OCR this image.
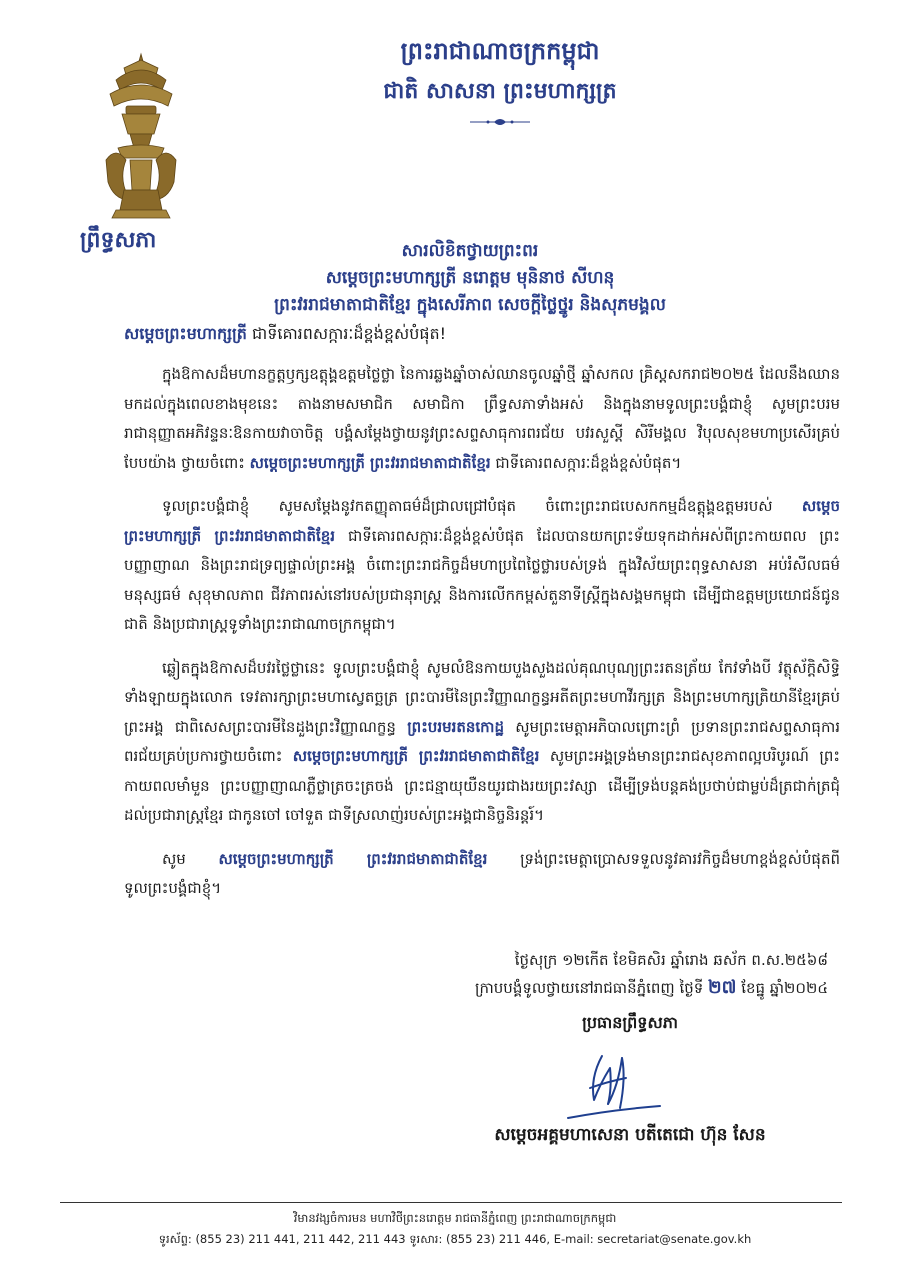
ព្រឹទ្ធសភា
ព្រះរាជាណាចក្រកម្ពុជា
ជាតិ សាសនា ព្រះមហាក្សត្រ
សារលិខិតថ្វាយព្រះពរ
សម្ដេចព្រះមហាក្សត្រី នរោត្តម មុនិនាថ សីហនុ
ព្រះវររាជមាតាជាតិខ្មែរ ក្នុងសេរីភាព សេចក្តីថ្លៃថ្នូរ និងសុភមង្គល
សម្ដេចព្រះមហាក្សត្រី ជាទីគោរពសក្ការៈដ៏ខ្ពង់ខ្ពស់បំផុត!

ក្នុងឱកាសដ៏មហានក្ខត្តឫក្សឧត្តុង្គឧត្តមថ្លៃថ្លា នៃការឆ្លងឆ្នាំចាស់ឈានចូលឆ្នាំថ្មី ឆ្នាំសកល គ្រិស្តសករាជ២០២៥ ដែលនឹងឈានមកដល់ក្នុងពេលខាងមុខនេះ តាងនាមសមាជិក សមាជិកា ព្រឹទ្ធសភាទាំងអស់ និងក្នុងនាមទូលព្រះបង្គំជាខ្ញុំ សូមព្រះបរមរាជានុញ្ញាតអភិវន្ទនៈឱនកាយវាចាចិត្ត បង្គំសម្ដែងថ្វាយនូវព្រះសព្ទសាធុការពរជ័យ បវរសួស្តី សិរីមង្គល វិបុលសុខមហាប្រសើរគ្រប់បែបយ៉ាង ថ្វាយចំពោះ សម្ដេចព្រះមហាក្សត្រី ព្រះវររាជមាតាជាតិខ្មែរ ជាទីគោរពសក្ការៈដ៏ខ្ពង់ខ្ពស់បំផុត។

ទូលព្រះបង្គំជាខ្ញុំ សូមសម្ដែងនូវកតញ្ញុតាធម៌ដ៏ជ្រាលជ្រៅបំផុត ចំពោះព្រះរាជបេសកកម្មដ៏ឧត្តុង្គឧត្តមរបស់ សម្ដេចព្រះមហាក្សត្រី ព្រះវររាជមាតាជាតិខ្មែរ ជាទីគោរពសក្ការៈដ៏ខ្ពង់ខ្ពស់បំផុត ដែលបានយកព្រះទ័យទុកដាក់អស់ពីព្រះកាយពល ព្រះបញ្ញាញាណ និងព្រះរាជទ្រព្យផ្ទាល់ព្រះអង្គ ចំពោះព្រះរាជកិច្ចដ៏មហាប្រពៃថ្លៃថ្លារបស់ទ្រង់ ក្នុងវិស័យព្រះពុទ្ធសាសនា អប់រំសីលធម៌ មនុស្សធម៌ សុខុមាលភាព ជីវភាពរស់នៅរបស់ប្រជានុរាស្ត្រ និងការលើកកម្ពស់តួនាទីស្ត្រីក្នុងសង្គមកម្ពុជា ដើម្បីជាឧត្តមប្រយោជន៍ជូនជាតិ និងប្រជារាស្ត្រទូទាំងព្រះរាជាណាចក្រកម្ពុជា។

ឆ្លៀតក្នុងឱកាសដ៏បវរថ្លៃថ្លានេះ ទូលព្រះបង្គំជាខ្ញុំ សូមលំឱនកាយបួងសួងដល់គុណបុណ្យព្រះរតនត្រ័យ កែវទាំងបី វត្ថុស័ក្តិសិទ្ធិទាំងឡាយក្នុងលោក ទេវតារក្សាព្រះមហាស្វេតច្ឆត្រ ព្រះបារមីនៃព្រះវិញ្ញាណក្ខន្ធអតីតព្រះមហាវីរក្សត្រ និងព្រះមហាក្សត្រិយានីខ្មែរគ្រប់ព្រះអង្គ ជាពិសេសព្រះបារមីនៃដួងព្រះវិញ្ញាណក្ខន្ធ ព្រះបរមរតនកោដ្ឋ សូមព្រះមេត្តាអភិបាលព្រោះព្រំ ប្រទានព្រះរាជសព្ទសាធុការពរជ័យគ្រប់ប្រការថ្វាយចំពោះ សម្ដេចព្រះមហាក្សត្រី ព្រះវររាជមាតាជាតិខ្មែរ សូមព្រះអង្គទ្រង់មានព្រះរាជសុខភាពល្អបរិបូរណ៍ ព្រះកាយពលមាំមួន ព្រះបញ្ញាញាណភ្លឺថ្លាត្រចះត្រចង់ ព្រះជន្មាយុយឺនយូរជាងរយព្រះវស្សា ដើម្បីទ្រង់បន្តគង់ប្រថាប់ជាម្លប់ដ៏ត្រជាក់ត្រជុំដល់ប្រជារាស្ត្រខ្មែរ ជាកូនចៅ ចៅទួត ជាទីស្រលាញ់របស់ព្រះអង្គជានិច្ចនិរន្តរ៍។

សូម សម្ដេចព្រះមហាក្សត្រី ព្រះវររាជមាតាជាតិខ្មែរ ទ្រង់ព្រះមេត្តាប្រោសទទួលនូវគារវកិច្ចដ៏មហាខ្ពង់ខ្ពស់បំផុតពីទូលព្រះបង្គំជាខ្ញុំ។

ថ្ងៃសុក្រ ១២កើត ខែមិគសិរ ឆ្នាំរោង ឆស័ក ព.ស.២៥៦៨
ក្រាបបង្គំទូលថ្វាយនៅរាជធានីភ្នំពេញ ថ្ងៃទី ២៧ ខែធ្នូ ឆ្នាំ២០២៤
ប្រធានព្រឹទ្ធសភា
សម្ដេចអគ្គមហាសេនា បតីតេជោ ហ៊ុន សែន
វិមានវង្សចំការមន មហាវិថីព្រះនរោត្តម រាជធានីភ្នំពេញ ព្រះរាជាណាចក្រកម្ពុជា
ទូរស័ព្ទ: (855 23) 211 441, 211 442, 211 443 ទូរសារ: (855 23) 211 446, E-mail: secretariat@senate.gov.kh
